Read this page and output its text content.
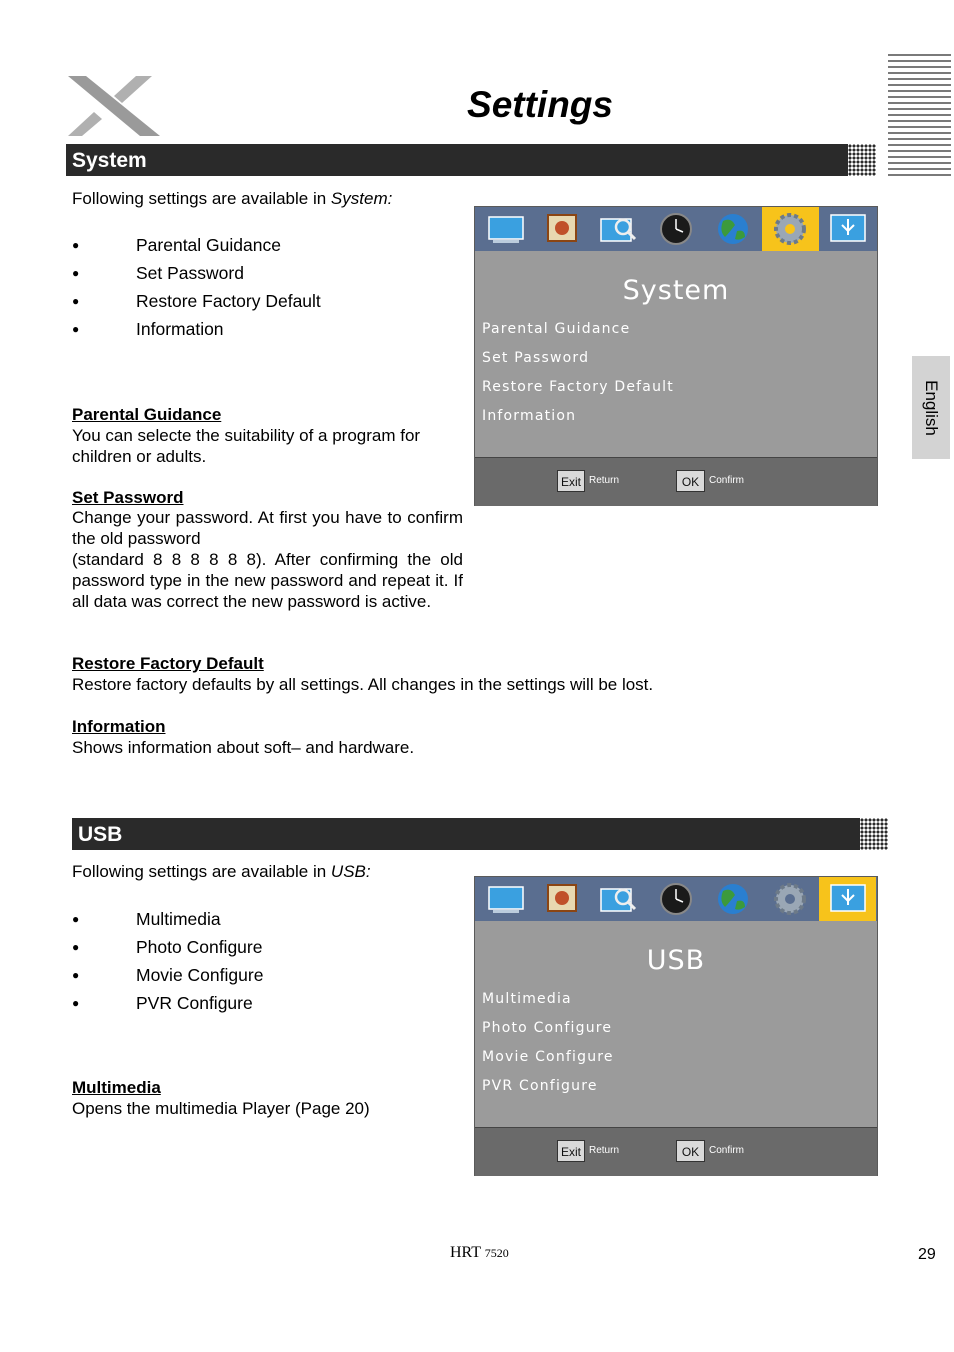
Settings
English
System
Following settings are available in System:
● Parental Guidance
● Set Password
● Restore Factory Default
● Information
Parental Guidance
You can selecte the suitability of a program for children or adults.
Set Password
Change your password. At first you have to confirm the old password
(standard 8 8 8 8 8 8). After confirming the old password type in the new password and repeat it. If all data was correct the new password is active.
Restore Factory Default
Restore factory defaults by all settings. All changes in the settings will be lost.
Information
Shows information about soft– and hardware.
System
Parental Guidance
Set Password
Restore Factory Default
Information
Exit Return	OK Confirm
USB
Following settings are available in USB:
● Multimedia
● Photo Configure
● Movie Configure
● PVR Configure
Multimedia
Opens the multimedia Player (Page 20)
USB
Multimedia
Photo Configure
Movie Configure
PVR Configure
Exit Return	OK Confirm
HRT 7520	29
